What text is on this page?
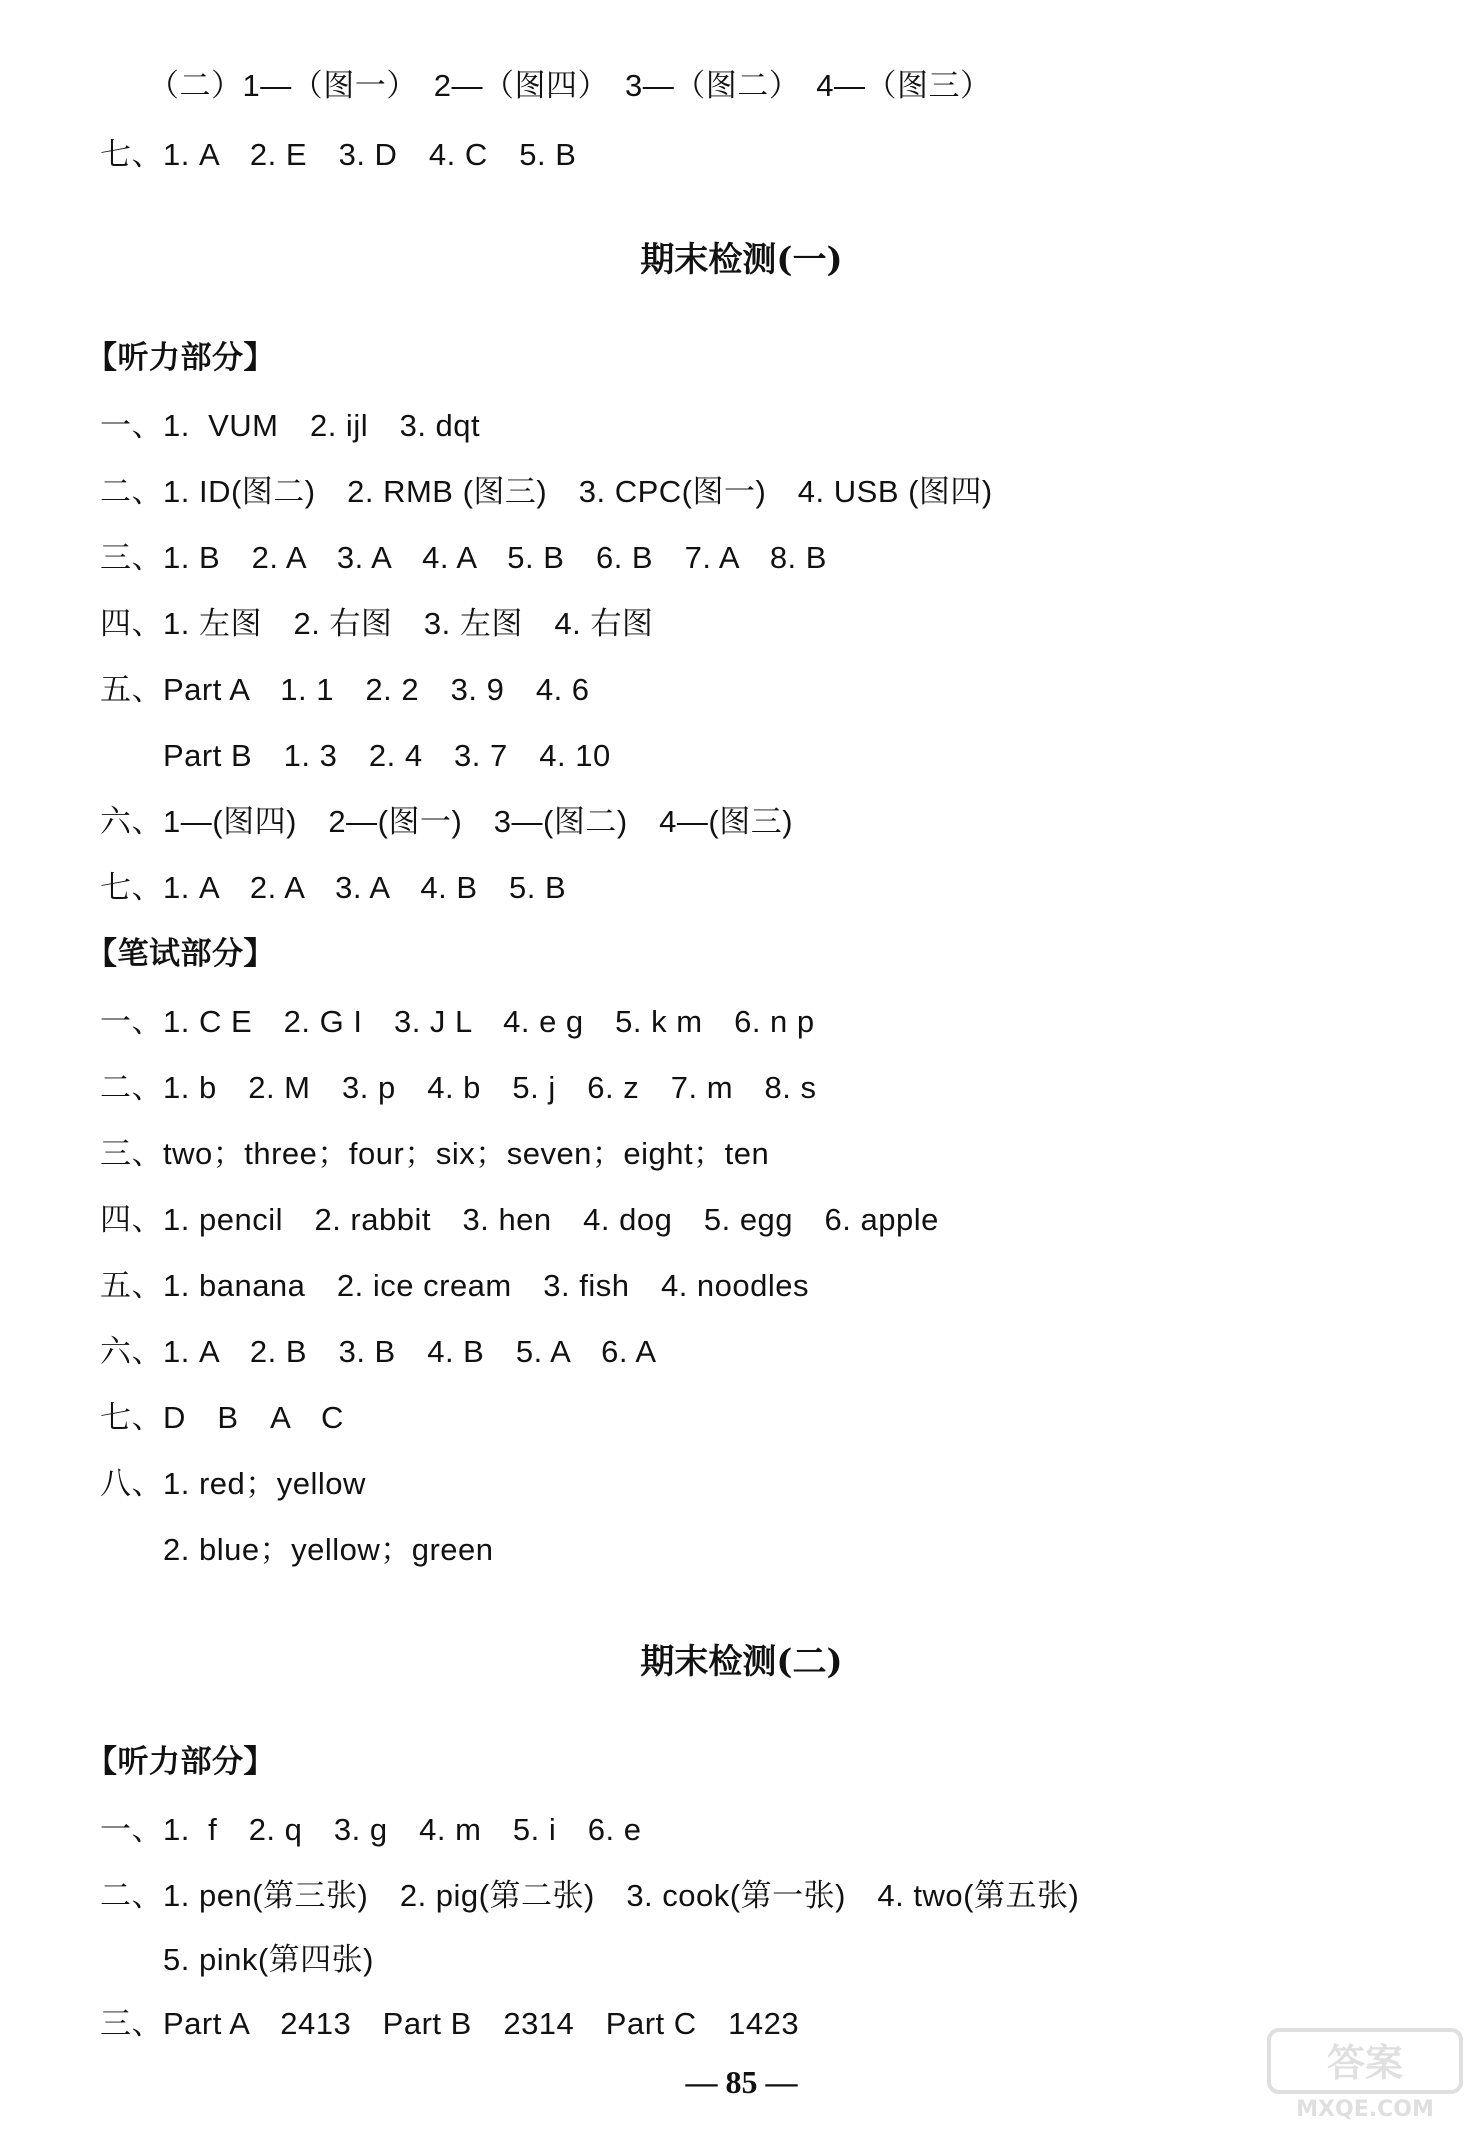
（二）1—（图一）　2—（图四）　3—（图二）　4—（图三）
七、1. A　2. E　3. D　4. C　5. B
期末检测(一)
【听力部分】
一、1.  VUM　2. ijl　3. dqt
二、1. ID(图二)　2. RMB (图三)　3. CPC(图一)　4. USB (图四)
三、1. B　2. A　3. A　4. A　5. B　6. B　7. A　8. B
四、1. 左图　2. 右图　3. 左图　4. 右图
五、Part A　1. 1　2. 2　3. 9　4. 6
　　Part B　1. 3　2. 4　3. 7　4. 10
六、1—(图四)　2—(图一)　3—(图二)　4—(图三)
七、1. A　2. A　3. A　4. B　5. B
【笔试部分】
一、1. C E　2. G I　3. J L　4. e g　5. k m　6. n p
二、1. b　2. M　3. p　4. b　5. j　6. z　7. m　8. s
三、two；three；four；six；seven；eight；ten
四、1. pencil　2. rabbit　3. hen　4. dog　5. egg　6. apple
五、1. banana　2. ice cream　3. fish　4. noodles
六、1. A　2. B　3. B　4. B　5. A　6. A
七、D　B　A　C
八、1. red；yellow
　　2. blue；yellow；green
期末检测(二)
【听力部分】
一、1.  f　2. q　3. g　4. m　5. i　6. e
二、1. pen(第三张)　2. pig(第二张)　3. cook(第一张)　4. two(第五张)
　　5. pink(第四张)
三、Part A　2413　Part B　2314　Part C　1423
— 85 —	答案
MXQE.COM
